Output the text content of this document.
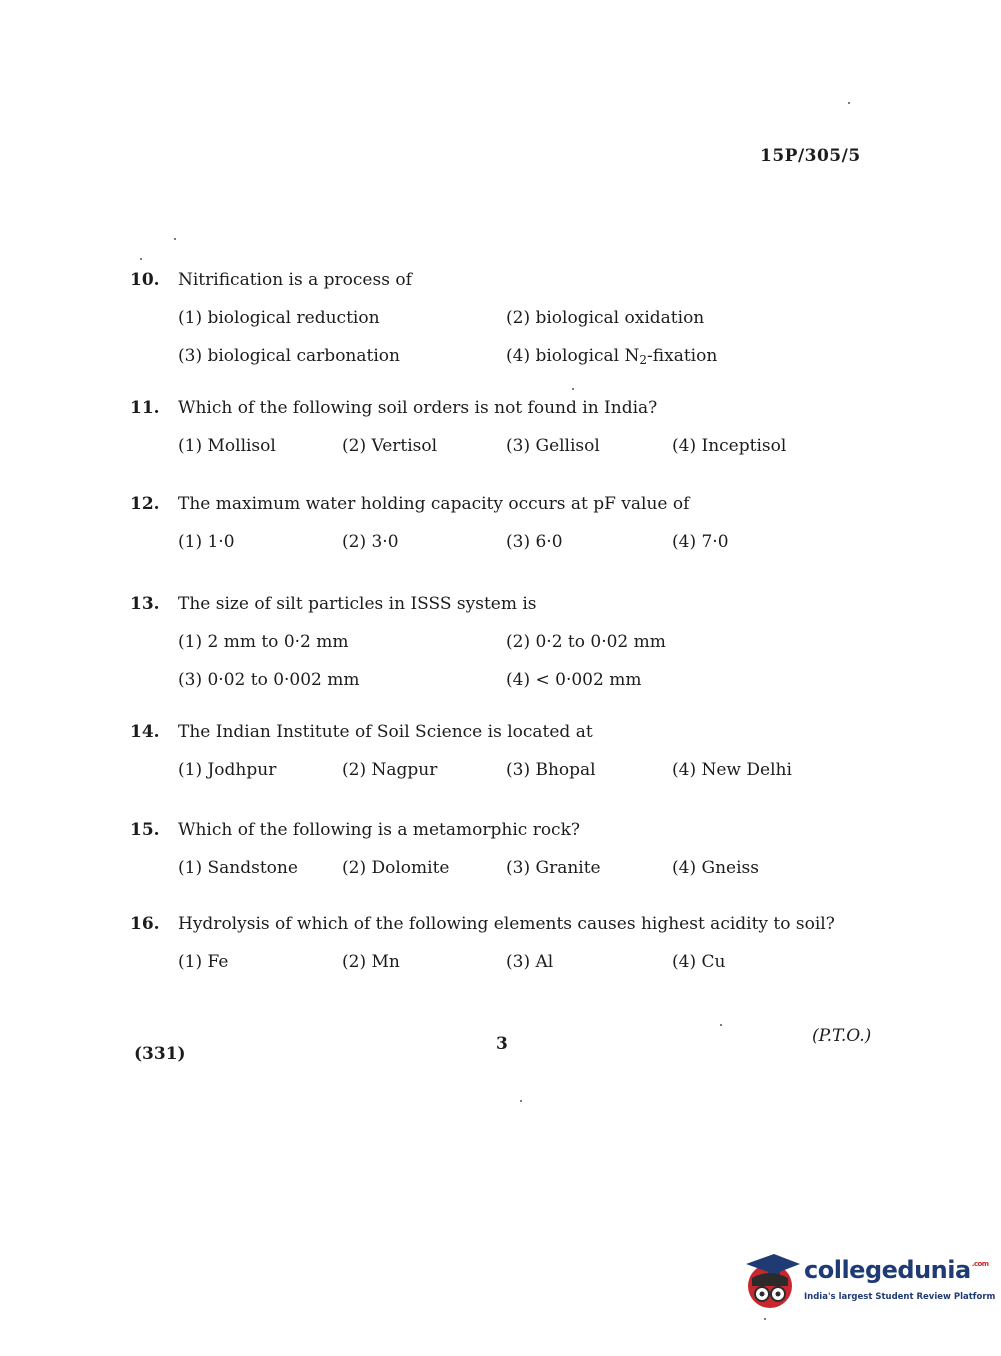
15P/305/5
10.	Nitrification is a process of
(1) biological reduction	(2) biological oxidation
(3) biological carbonation	(4) biological $N_2$-fixation
11.	Which of the following soil orders is not found in India?
(1) Mollisol	(2) Vertisol	(3) Gellisol	(4) Inceptisol
12.	The maximum water holding capacity occurs at pF value of
(1) 1·0	(2) 3·0	(3) 6·0	(4) 7·0
13.	The size of silt particles in ISSS system is
(1) 2 mm to 0·2 mm	(2) 0·2 to 0·02 mm
(3) 0·02 to 0·002 mm	(4) < 0·002 mm
14.	The Indian Institute of Soil Science is located at
(1) Jodhpur	(2) Nagpur	(3) Bhopal	(4) New Delhi
15.	Which of the following is a metamorphic rock?
(1) Sandstone	(2) Dolomite	(3) Granite	(4) Gneiss
16.	Hydrolysis of which of the following elements causes highest acidity to soil?
(1) Fe	(2) Mn	(3) Al	(4) Cu
(331)	3	(P.T.O.)
collegedunia$^{.com}$
India's largest Student Review Platform
